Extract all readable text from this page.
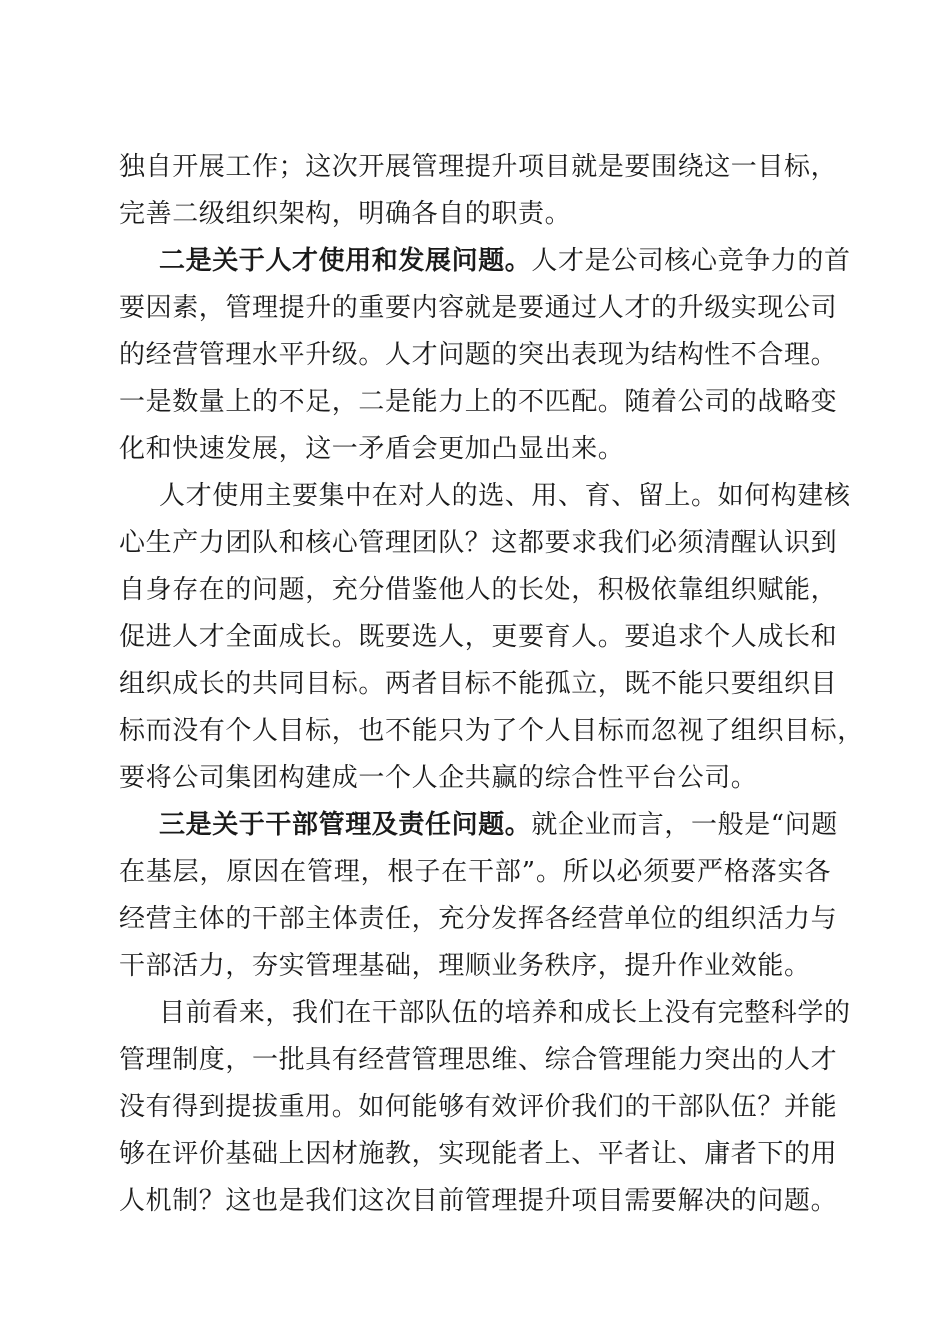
独自开展工作；这次开展管理提升项目就是要围绕这一目标，
完善二级组织架构，明确各自的职责。
二是关于人才使用和发展问题。人才是公司核心竞争力的首
要因素，管理提升的重要内容就是要通过人才的升级实现公司
的经营管理水平升级。人才问题的突出表现为结构性不合理。
一是数量上的不足，二是能力上的不匹配。随着公司的战略变
化和快速发展，这一矛盾会更加凸显出来。
人才使用主要集中在对人的选、用、育、留上。如何构建核
心生产力团队和核心管理团队？这都要求我们必须清醒认识到
自身存在的问题，充分借鉴他人的长处，积极依靠组织赋能，
促进人才全面成长。既要选人，更要育人。要追求个人成长和
组织成长的共同目标。两者目标不能孤立，既不能只要组织目
标而没有个人目标，也不能只为了个人目标而忽视了组织目标，
要将公司集团构建成一个人企共赢的综合性平台公司。
三是关于干部管理及责任问题。就企业而言，一般是“问题
在基层，原因在管理，根子在干部”。所以必须要严格落实各
经营主体的干部主体责任，充分发挥各经营单位的组织活力与
干部活力，夯实管理基础，理顺业务秩序，提升作业效能。
目前看来，我们在干部队伍的培养和成长上没有完整科学的
管理制度，一批具有经营管理思维、综合管理能力突出的人才
没有得到提拔重用。如何能够有效评价我们的干部队伍？并能
够在评价基础上因材施教，实现能者上、平者让、庸者下的用
人机制？这也是我们这次目前管理提升项目需要解决的问题。
